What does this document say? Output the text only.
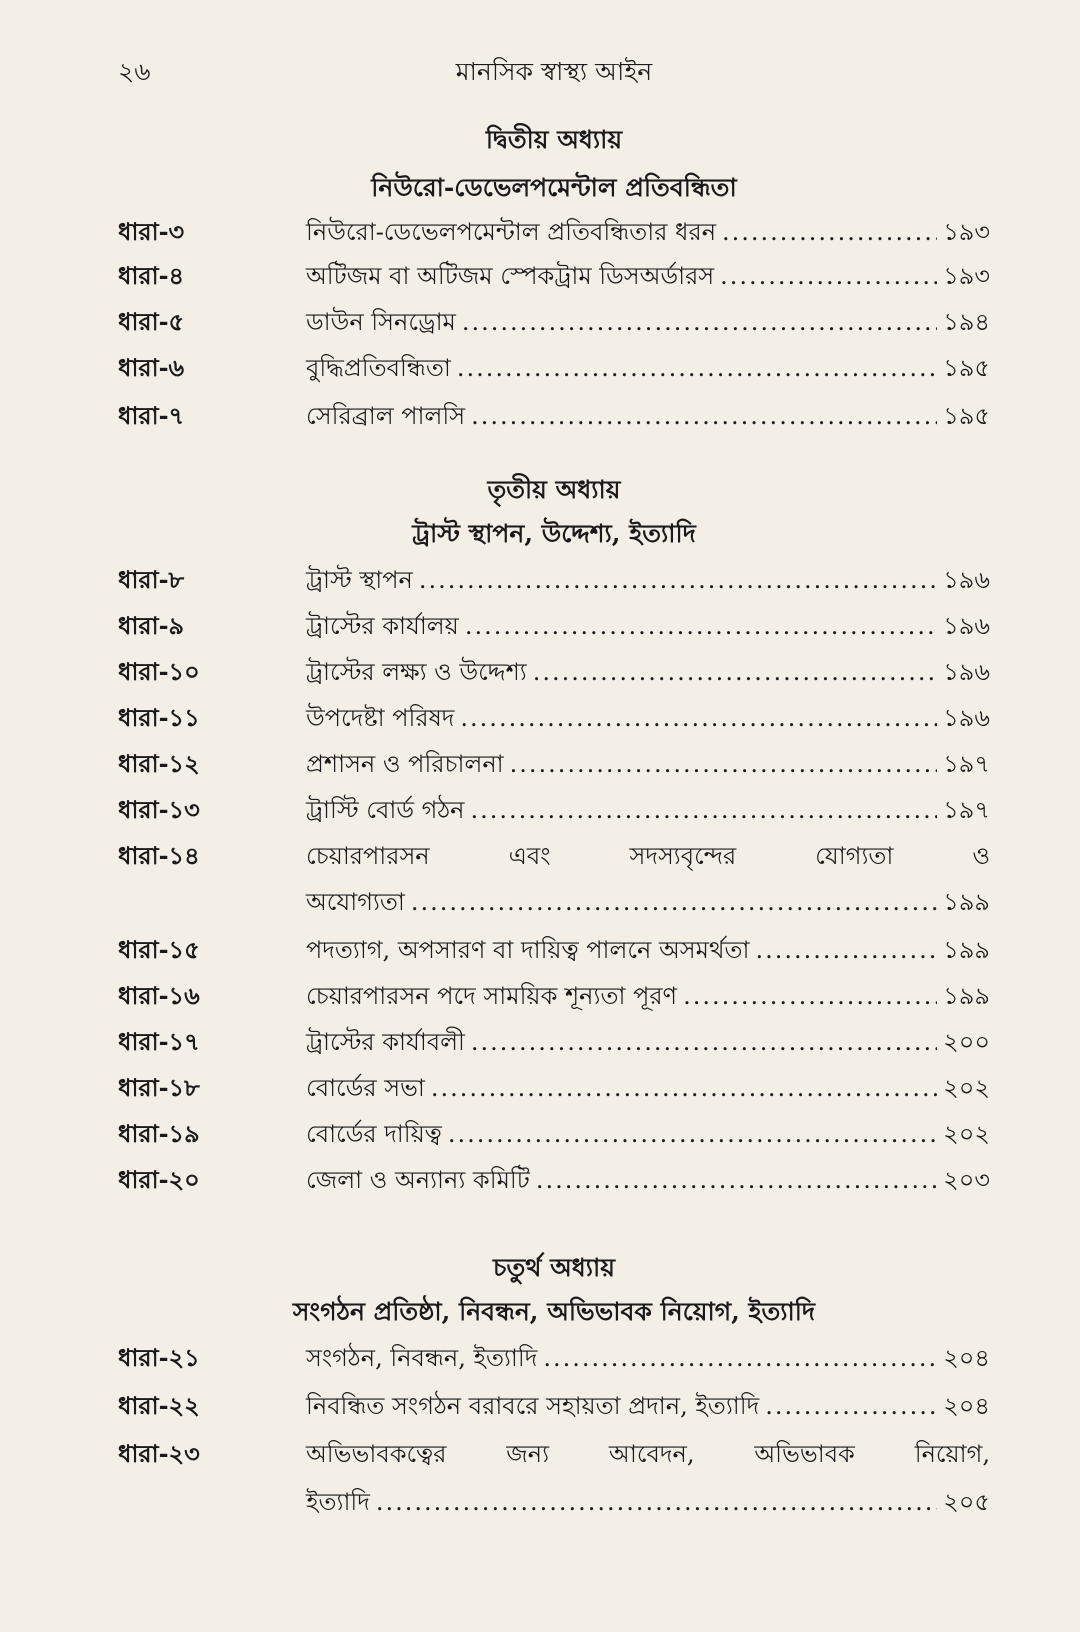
২৬	মানসিক স্বাস্থ্য আইন
দ্বিতীয় অধ্যায়
নিউরো-ডেভেলপমেন্টাল প্রতিবন্ধিতা
ধারা-৩	নিউরো-ডেভেলপমেন্টাল প্রতিবন্ধিতার ধরন .....	১৯৩
ধারা-৪	অটিজম বা অটিজম স্পেকট্রাম ডিসঅর্ডারস .....	১৯৩
ধারা-৫	ডাউন সিনড্রোম .....	১৯৪
ধারা-৬	বুদ্ধিপ্রতিবন্ধিতা .....	১৯৫
ধারা-৭	সেরিব্রাল পালসি .....	১৯৫
তৃতীয় অধ্যায়
ট্রাস্ট স্থাপন, উদ্দেশ্য, ইত্যাদি
ধারা-৮	ট্রাস্ট স্থাপন .....	১৯৬
ধারা-৯	ট্রাস্টের কার্যালয় .....	১৯৬
ধারা-১০	ট্রাস্টের লক্ষ্য ও উদ্দেশ্য .....	১৯৬
ধারা-১১	উপদেষ্টা পরিষদ .....	১৯৬
ধারা-১২	প্রশাসন ও পরিচালনা .....	১৯৭
ধারা-১৩	ট্রাস্টি বোর্ড গঠন .....	১৯৭
ধারা-১৪	চেয়ারপারসন এবং সদস্যবৃন্দের যোগ্যতা ও
অযোগ্যতা .....	১৯৯
ধারা-১৫	পদত্যাগ, অপসারণ বা দায়িত্ব পালনে অসমর্থতা .....	১৯৯
ধারা-১৬	চেয়ারপারসন পদে সাময়িক শূন্যতা পূরণ .....	১৯৯
ধারা-১৭	ট্রাস্টের কার্যাবলী .....	২০০
ধারা-১৮	বোর্ডের সভা .....	২০২
ধারা-১৯	বোর্ডের দায়িত্ব .....	২০২
ধারা-২০	জেলা ও অন্যান্য কমিটি .....	২০৩
চতুর্থ অধ্যায়
সংগঠন প্রতিষ্ঠা, নিবন্ধন, অভিভাবক নিয়োগ, ইত্যাদি
ধারা-২১	সংগঠন, নিবন্ধন, ইত্যাদি .....	২০৪
ধারা-২২	নিবন্ধিত সংগঠন বরাবরে সহায়তা প্রদান, ইত্যাদি .....	২০৪
ধারা-২৩	অভিভাবকত্বের জন্য আবেদন, অভিভাবক নিয়োগ,
ইত্যাদি .....	২০৫
